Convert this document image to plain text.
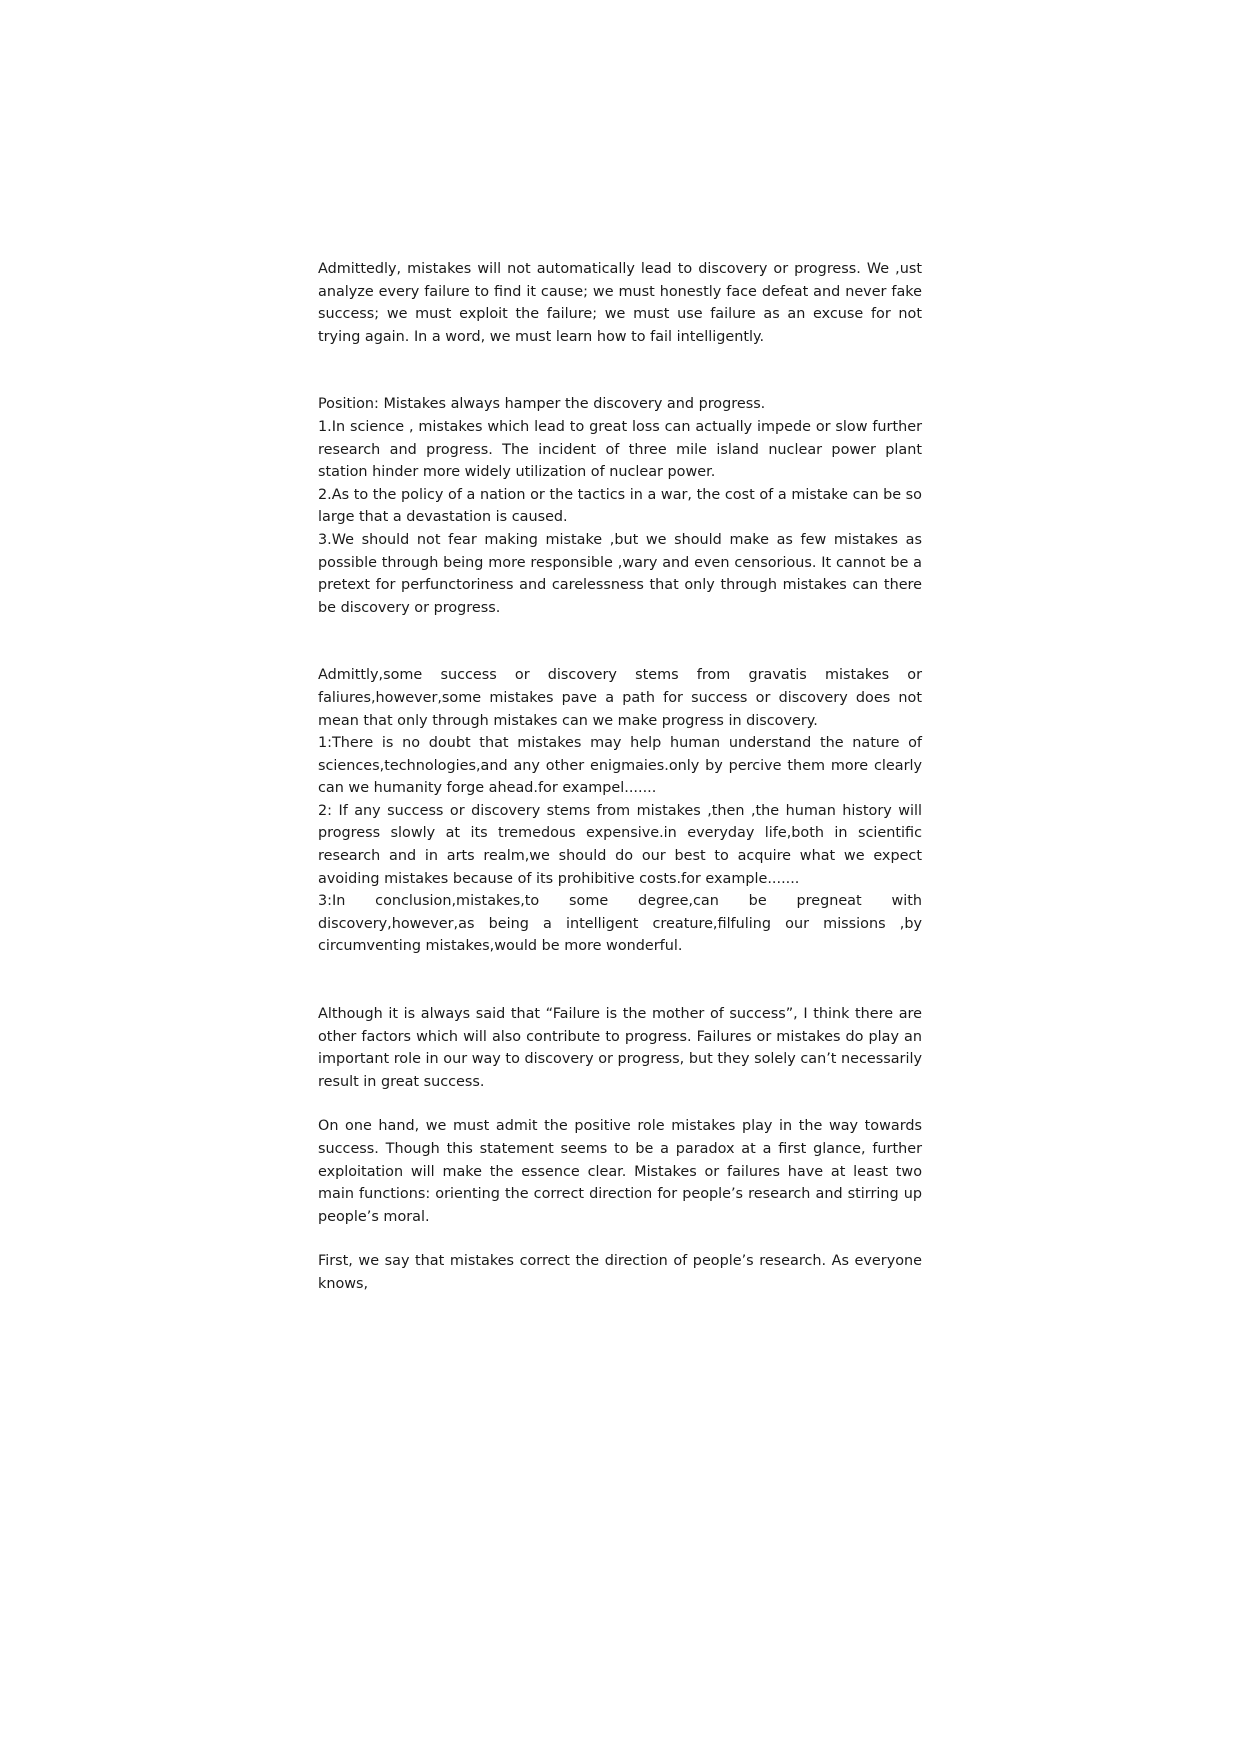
Admittedly, mistakes will not automatically lead to discovery or progress. We ,ust analyze every failure to find it cause; we must honestly face defeat and never fake success; we must exploit the failure; we must use failure as an excuse for not trying again. In a word, we must learn how to fail intelligently.

Position: Mistakes always hamper the discovery and progress.

1.In science , mistakes which lead to great loss can actually impede or slow further research and progress. The incident of three mile island nuclear power plant station hinder more widely utilization of nuclear power.

2.As to the policy of a nation or the tactics in a war, the cost of a mistake can be so large that a devastation is caused.

3.We should not fear making mistake ,but we should make as few mistakes as possible through being more responsible ,wary and even censorious. It cannot be a pretext for perfunctoriness and carelessness that only through mistakes can there be discovery or progress.

Admittly,some success or discovery stems from gravatis mistakes or

faliures,however,some mistakes pave a path for success or discovery does not mean that only through mistakes can we make progress in discovery.

1:There is no doubt that mistakes may help human understand the nature of sciences,technologies,and any other enigmaies.only by percive them more clearly can we humanity forge ahead.for exampel.......

2: If any success or discovery stems from mistakes ,then ,the human history will progress slowly at its tremedous expensive.in everyday life,both in scientific research and in arts realm,we should do our best to acquire what we expect avoiding mistakes because of its prohibitive costs.for example.......

3:In conclusion,mistakes,to some degree,can be pregneat with discovery,however,as being a intelligent creature,filfuling our missions ,by circumventing mistakes,would be more wonderful.

Although it is always said that “Failure is the mother of success”, I think there are other factors which will also contribute to progress. Failures or mistakes do play an important role in our way to discovery or progress, but they solely can’t necessarily result in great success.

On one hand, we must admit the positive role mistakes play in the way towards success. Though this statement seems to be a paradox at a first glance, further exploitation will make the essence clear. Mistakes or failures have at least two main functions: orienting the correct direction for people’s research and stirring up people’s moral.

First, we say that mistakes correct the direction of people’s research. As everyone knows,
